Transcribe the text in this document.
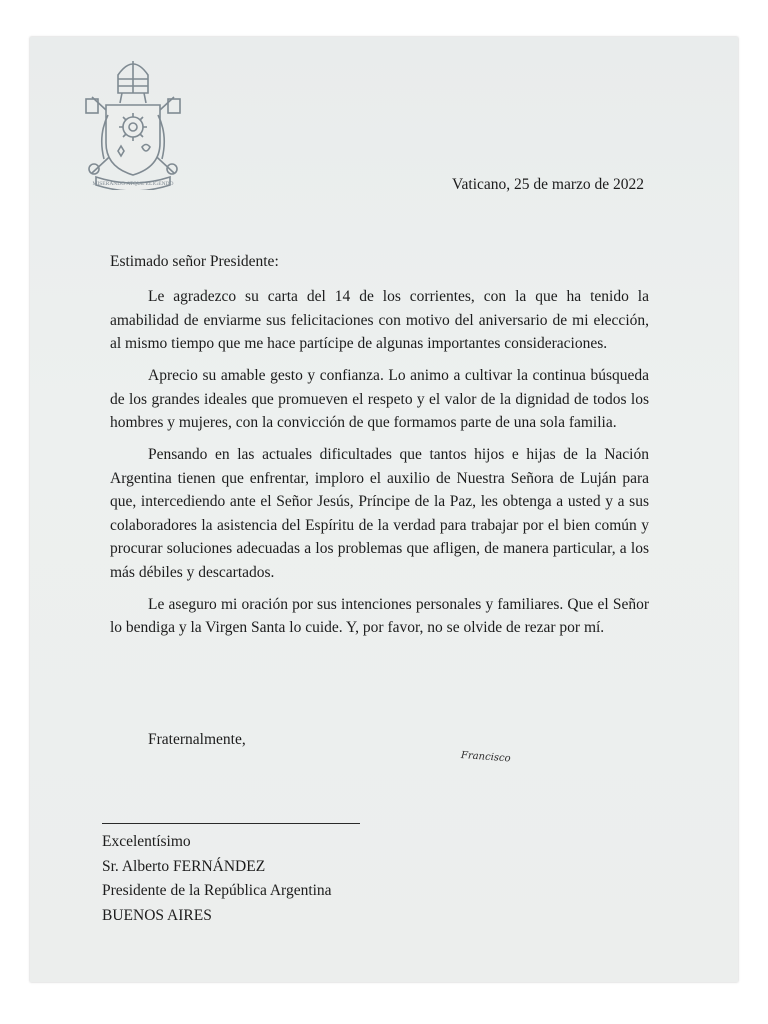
MISERANDO ATQUE ELIGENDO	Vaticano, 25 de marzo de 2022
Estimado señor Presidente:

Le agradezco su carta del 14 de los corrientes, con la que ha tenido la amabilidad de enviarme sus felicitaciones con motivo del aniversario de mi elección, al mismo tiempo que me hace partícipe de algunas importantes consideraciones.

Aprecio su amable gesto y confianza. Lo animo a cultivar la continua búsqueda de los grandes ideales que promueven el respeto y el valor de la dignidad de todos los hombres y mujeres, con la convicción de que formamos parte de una sola familia.

Pensando en las actuales dificultades que tantos hijos e hijas de la Nación Argentina tienen que enfrentar, imploro el auxilio de Nuestra Señora de Luján para que, intercediendo ante el Señor Jesús, Príncipe de la Paz, les obtenga a usted y a sus colaboradores la asistencia del Espíritu de la verdad para trabajar por el bien común y procurar soluciones adecuadas a los problemas que afligen, de manera particular, a los más débiles y descartados.

Le aseguro mi oración por sus intenciones personales y familiares. Que el Señor lo bendiga y la Virgen Santa lo cuide. Y, por favor, no se olvide de rezar por mí.

Fraternalmente,
Francisco
Excelentísimo
Sr. Alberto FERNÁNDEZ
Presidente de la República Argentina
BUENOS AIRES
